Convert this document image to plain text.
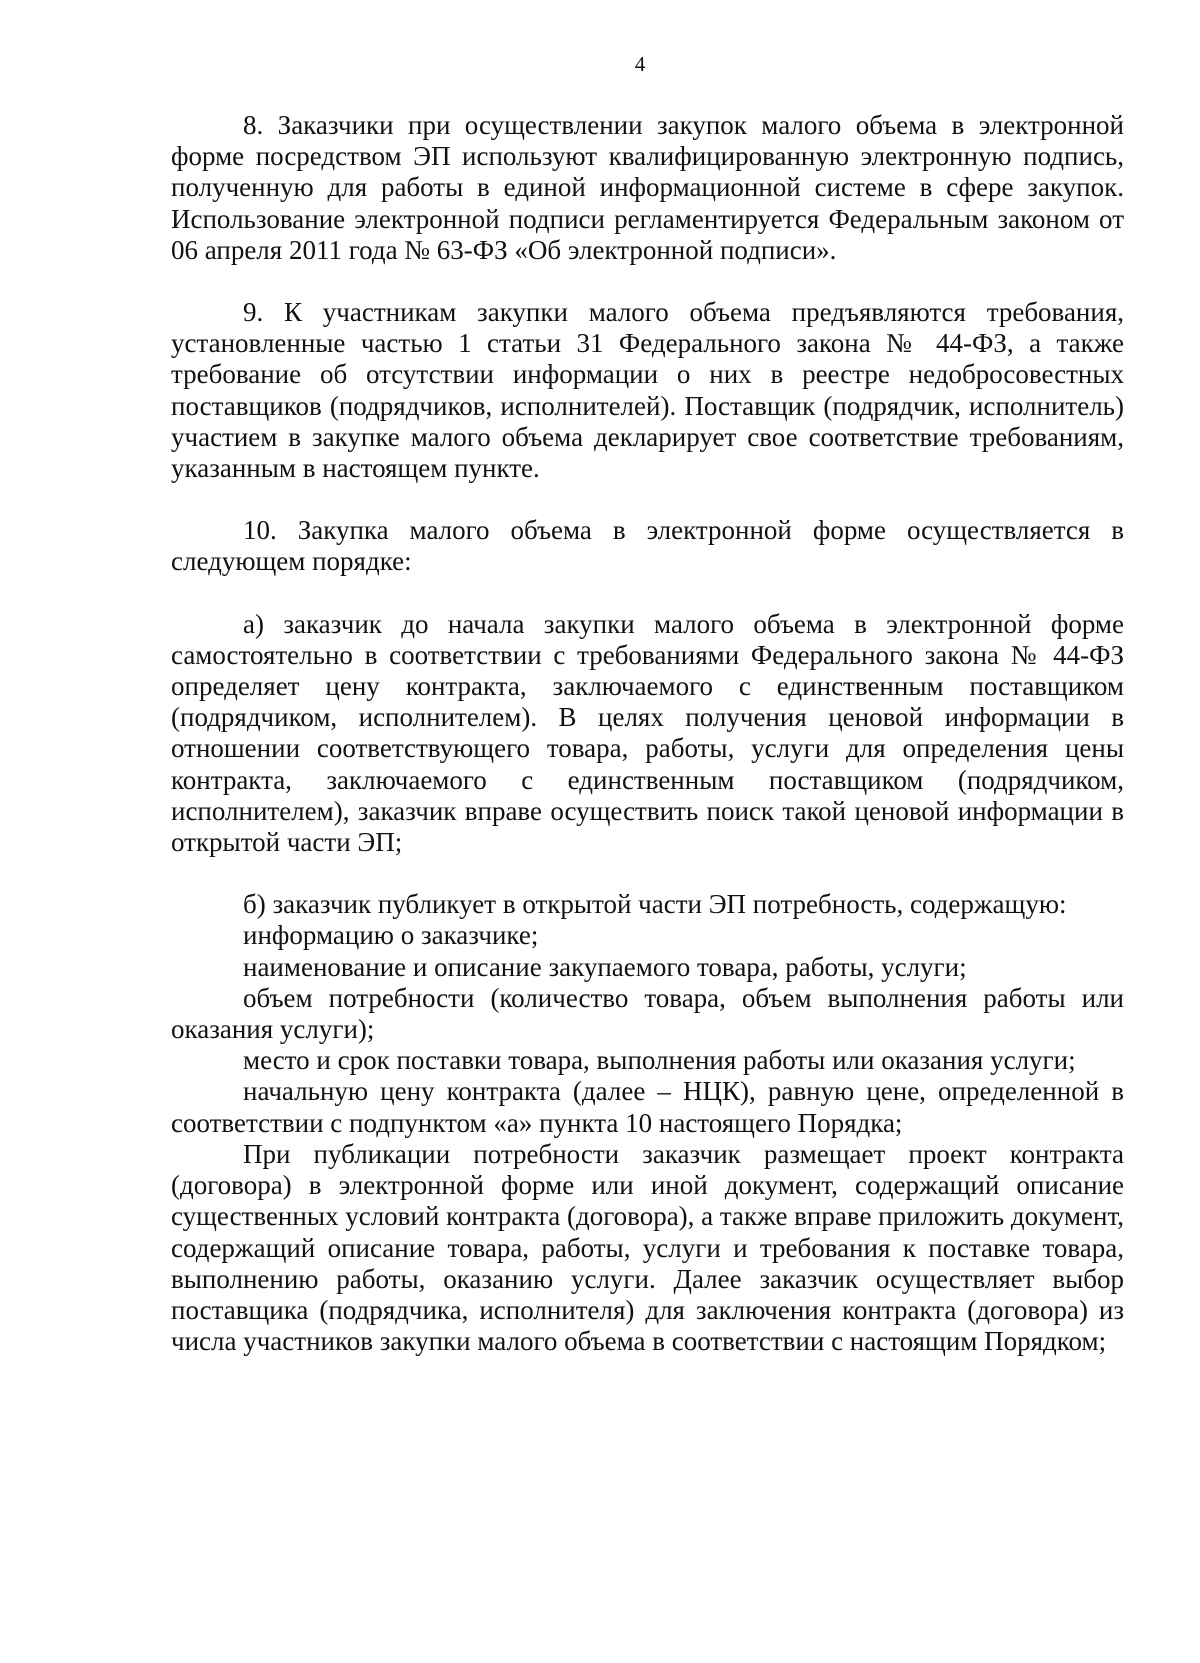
4

8. Заказчики при осуществлении закупок малого объема в электронной форме посредством ЭП используют квалифицированную электронную подпись, полученную для работы в единой информационной системе в сфере закупок. Использование электронной подписи регламентируется Федеральным законом от 06 апреля 2011 года № 63-ФЗ «Об электронной подписи».

9. К участникам закупки малого объема предъявляются требования, установленные частью 1 статьи 31 Федерального закона № 44-ФЗ, а также требование об отсутствии информации о них в реестре недобросовестных поставщиков (подрядчиков, исполнителей). Поставщик (подрядчик, исполнитель) участием в закупке малого объема декларирует свое соответствие требованиям, указанным в настоящем пункте.

10. Закупка малого объема в электронной форме осуществляется в следующем порядке:

а) заказчик до начала закупки малого объема в электронной форме самостоятельно в соответствии с требованиями Федерального закона № 44-ФЗ определяет цену контракта, заключаемого с единственным поставщиком (подрядчиком, исполнителем). В целях получения ценовой информации в отношении соответствующего товара, работы, услуги для определения цены контракта, заключаемого с единственным поставщиком (подрядчиком, исполнителем), заказчик вправе осуществить поиск такой ценовой информации в открытой части ЭП;

б) заказчик публикует в открытой части ЭП потребность, содержащую:

информацию о заказчике;

наименование и описание закупаемого товара, работы, услуги;

объем потребности (количество товара, объем выполнения работы или оказания услуги);

место и срок поставки товара, выполнения работы или оказания услуги;

начальную цену контракта (далее – НЦК), равную цене, определенной в соответствии с подпунктом «а» пункта 10 настоящего Порядка;

При публикации потребности заказчик размещает проект контракта (договора) в электронной форме или иной документ, содержащий описание существенных условий контракта (договора), а также вправе приложить документ, содержащий описание товара, работы, услуги и требования к поставке товара, выполнению работы, оказанию услуги. Далее заказчик осуществляет выбор поставщика (подрядчика, исполнителя) для заключения контракта (договора) из числа участников закупки малого объема в соответствии с настоящим Порядком;
